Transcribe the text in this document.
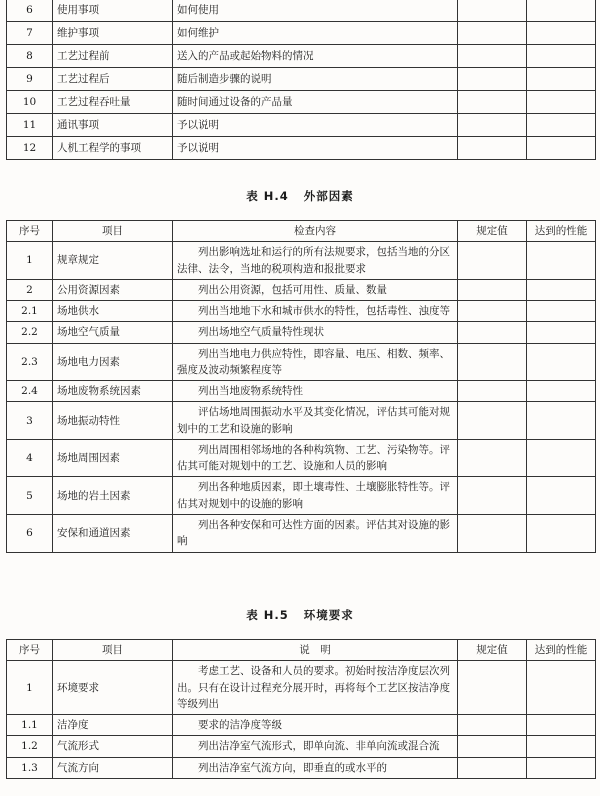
6	使用事项	如何使用		
7	维护事项	如何维护		
8	工艺过程前	送入的产品或起始物料的情况		
9	工艺过程后	随后制造步骤的说明		
10	工艺过程吞吐量	随时间通过设备的产品量		
11	通讯事项	予以说明		
12	人机工程学的事项	予以说明		
表 H.4 外部因素
序号	项目	检查内容	规定值	达到的性能
1	规章规定	列出影响选址和运行的所有法规要求，包括当地的分区法律、法令，当地的税项构造和报批要求		
2	公用资源因素	列出公用资源，包括可用性、质量、数量		
2.1	场地供水	列出当地地下水和城市供水的特性，包括毒性、浊度等		
2.2	场地空气质量	列出场地空气质量特性现状		
2.3	场地电力因素	列出当地电力供应特性，即容量、电压、相数、频率、强度及波动频繁程度等		
2.4	场地废物系统因素	列出当地废物系统特性		
3	场地振动特性	评估场地周围振动水平及其变化情况，评估其可能对规划中的工艺和设施的影响		
4	场地周围因素	列出周围相邻场地的各种构筑物、工艺、污染物等。评估其可能对规划中的工艺、设施和人员的影响		
5	场地的岩土因素	列出各种地质因素，即土壤毒性、土壤膨胀特性等。评估其对规划中的设施的影响		
6	安保和通道因素	列出各种安保和可达性方面的因素。评估其对设施的影响		
表 H.5 环境要求
序号	项目	说　明	规定值	达到的性能
1	环境要求	考虑工艺、设备和人员的要求。初始时按洁净度层次列出。只有在设计过程充分展开时，再将每个工艺区按洁净度等级列出		
1.1	洁净度	要求的洁净度等级		
1.2	气流形式	列出洁净室气流形式，即单向流、非单向流或混合流		
1.3	气流方向	列出洁净室气流方向，即垂直的或水平的		
